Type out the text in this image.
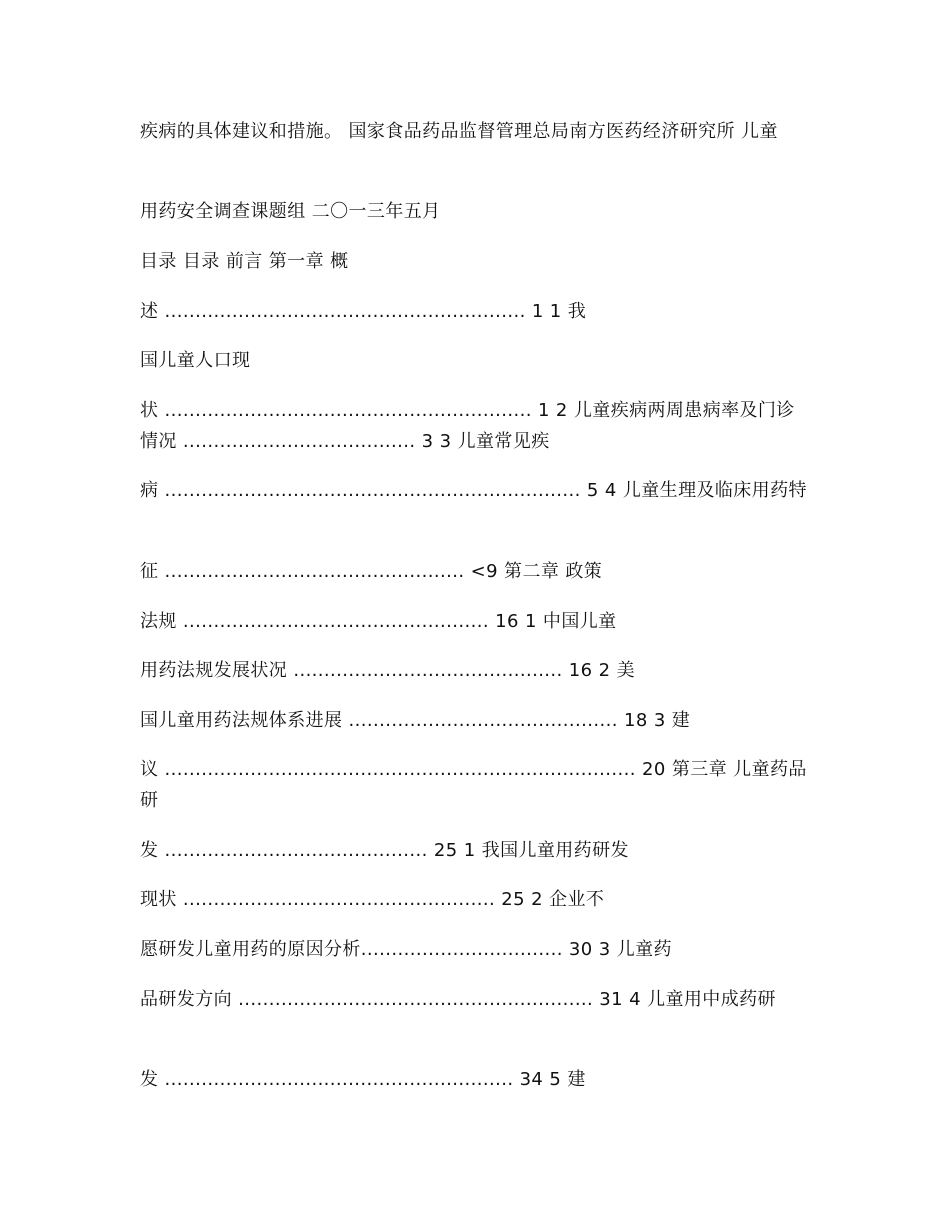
疾病的具体建议和措施。 国家食品药品监督管理总局南方医药经济研究所 儿童

用药安全调查课题组 二〇一三年五月

目录 目录 前言 第一章 概

述 ........................................................... 1 1 我

国儿童人口现

状 ............................................................ 1 2 儿童疾病两周患病率及门诊情况 ...................................... 3 3 儿童常见疾

病 .................................................................... 5 4 儿童生理及临床用药特

征 ................................................. <9 第二章 政策

法规 .................................................. 16 1 中国儿童

用药法规发展状况 ............................................ 16 2 美

国儿童用药法规体系进展 ............................................ 18 3 建

议 ............................................................................. 20 第三章 儿童药品研

发 ........................................... 25 1 我国儿童用药研发

现状 ................................................... 25 2 企业不

愿研发儿童用药的原因分析................................. 30 3 儿童药

品研发方向 .......................................................... 31 4 儿童用中成药研

发 ......................................................... 34 5 建
